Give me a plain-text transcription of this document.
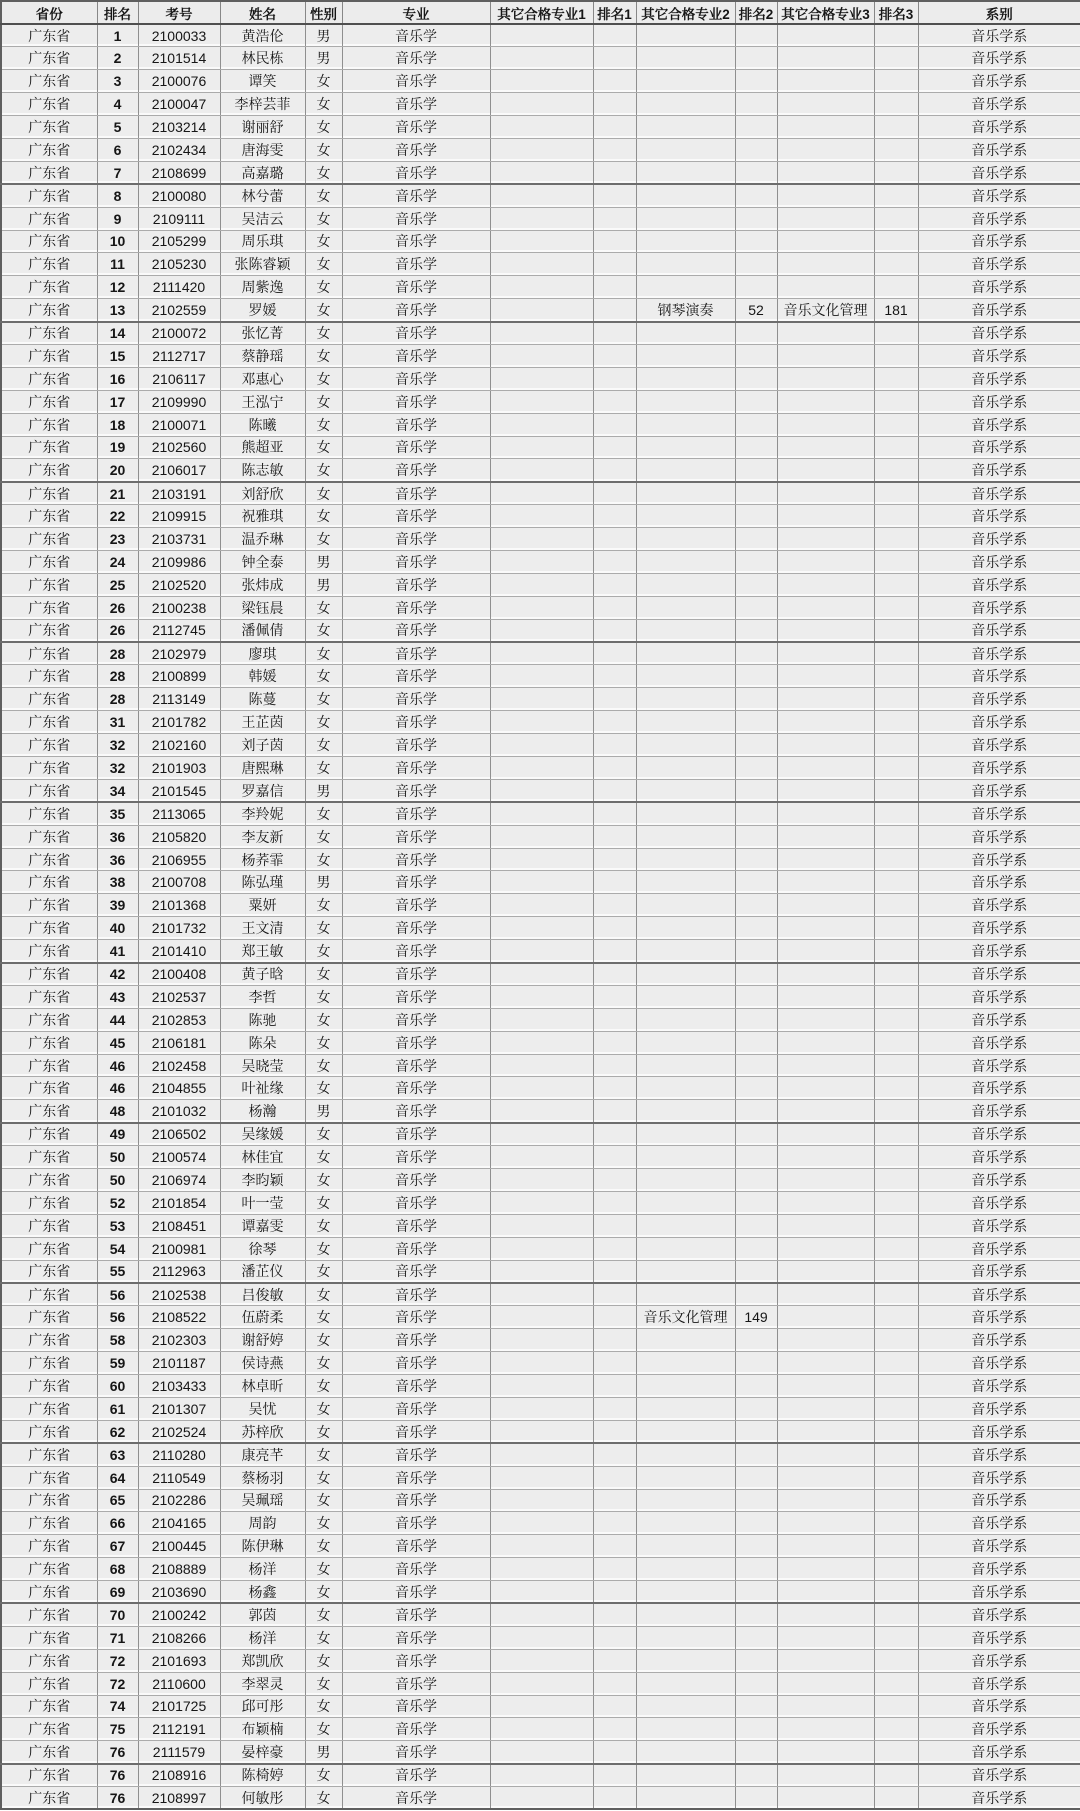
省份	排名	考号	姓名	性别	专业	其它合格专业1	排名1	其它合格专业2	排名2	其它合格专业3	排名3	系别
广东省	1	2100033	黄浩伦	男	音乐学							音乐学系
广东省	2	2101514	林民栋	男	音乐学							音乐学系
广东省	3	2100076	谭笑	女	音乐学							音乐学系
广东省	4	2100047	李梓芸菲	女	音乐学							音乐学系
广东省	5	2103214	谢丽舒	女	音乐学							音乐学系
广东省	6	2102434	唐海雯	女	音乐学							音乐学系
广东省	7	2108699	高嘉璐	女	音乐学							音乐学系
广东省	8	2100080	林兮蕾	女	音乐学							音乐学系
广东省	9	2109111	吴洁云	女	音乐学							音乐学系
广东省	10	2105299	周乐琪	女	音乐学							音乐学系
广东省	11	2105230	张陈睿颖	女	音乐学							音乐学系
广东省	12	2111420	周紫逸	女	音乐学							音乐学系
广东省	13	2102559	罗媛	女	音乐学			钢琴演奏	52	音乐文化管理	181	音乐学系
广东省	14	2100072	张忆菁	女	音乐学							音乐学系
广东省	15	2112717	蔡静瑶	女	音乐学							音乐学系
广东省	16	2106117	邓惠心	女	音乐学							音乐学系
广东省	17	2109990	王泓宁	女	音乐学							音乐学系
广东省	18	2100071	陈曦	女	音乐学							音乐学系
广东省	19	2102560	熊超亚	女	音乐学							音乐学系
广东省	20	2106017	陈志敏	女	音乐学							音乐学系
广东省	21	2103191	刘舒欣	女	音乐学							音乐学系
广东省	22	2109915	祝雅琪	女	音乐学							音乐学系
广东省	23	2103731	温乔琳	女	音乐学							音乐学系
广东省	24	2109986	钟全泰	男	音乐学							音乐学系
广东省	25	2102520	张炜成	男	音乐学							音乐学系
广东省	26	2100238	梁钰晨	女	音乐学							音乐学系
广东省	26	2112745	潘佩倩	女	音乐学							音乐学系
广东省	28	2102979	廖琪	女	音乐学							音乐学系
广东省	28	2100899	韩媛	女	音乐学							音乐学系
广东省	28	2113149	陈蔓	女	音乐学							音乐学系
广东省	31	2101782	王芷茵	女	音乐学							音乐学系
广东省	32	2102160	刘子茵	女	音乐学							音乐学系
广东省	32	2101903	唐熙琳	女	音乐学							音乐学系
广东省	34	2101545	罗嘉信	男	音乐学							音乐学系
广东省	35	2113065	李羚妮	女	音乐学							音乐学系
广东省	36	2105820	李友新	女	音乐学							音乐学系
广东省	36	2106955	杨荞霏	女	音乐学							音乐学系
广东省	38	2100708	陈弘瑾	男	音乐学							音乐学系
广东省	39	2101368	粟妍	女	音乐学							音乐学系
广东省	40	2101732	王文清	女	音乐学							音乐学系
广东省	41	2101410	郑王敏	女	音乐学							音乐学系
广东省	42	2100408	黄子晗	女	音乐学							音乐学系
广东省	43	2102537	李哲	女	音乐学							音乐学系
广东省	44	2102853	陈驰	女	音乐学							音乐学系
广东省	45	2106181	陈朵	女	音乐学							音乐学系
广东省	46	2102458	吴晓莹	女	音乐学							音乐学系
广东省	46	2104855	叶祉缘	女	音乐学							音乐学系
广东省	48	2101032	杨瀚	男	音乐学							音乐学系
广东省	49	2106502	吴缘媛	女	音乐学							音乐学系
广东省	50	2100574	林佳宜	女	音乐学							音乐学系
广东省	50	2106974	李昀颖	女	音乐学							音乐学系
广东省	52	2101854	叶一莹	女	音乐学							音乐学系
广东省	53	2108451	谭嘉雯	女	音乐学							音乐学系
广东省	54	2100981	徐琴	女	音乐学							音乐学系
广东省	55	2112963	潘芷仪	女	音乐学							音乐学系
广东省	56	2102538	吕俊敏	女	音乐学							音乐学系
广东省	56	2108522	伍蔚柔	女	音乐学			音乐文化管理	149			音乐学系
广东省	58	2102303	谢舒婷	女	音乐学							音乐学系
广东省	59	2101187	侯诗燕	女	音乐学							音乐学系
广东省	60	2103433	林卓昕	女	音乐学							音乐学系
广东省	61	2101307	吴忧	女	音乐学							音乐学系
广东省	62	2102524	苏梓欣	女	音乐学							音乐学系
广东省	63	2110280	康亮芊	女	音乐学							音乐学系
广东省	64	2110549	蔡杨羽	女	音乐学							音乐学系
广东省	65	2102286	吴珮瑶	女	音乐学							音乐学系
广东省	66	2104165	周韵	女	音乐学							音乐学系
广东省	67	2100445	陈伊琳	女	音乐学							音乐学系
广东省	68	2108889	杨洋	女	音乐学							音乐学系
广东省	69	2103690	杨鑫	女	音乐学							音乐学系
广东省	70	2100242	郭茵	女	音乐学							音乐学系
广东省	71	2108266	杨洋	女	音乐学							音乐学系
广东省	72	2101693	郑凯欣	女	音乐学							音乐学系
广东省	72	2110600	李翠灵	女	音乐学							音乐学系
广东省	74	2101725	邱可彤	女	音乐学							音乐学系
广东省	75	2112191	布颖楠	女	音乐学							音乐学系
广东省	76	2111579	晏梓豪	男	音乐学							音乐学系
广东省	76	2108916	陈椅婷	女	音乐学							音乐学系
广东省	76	2108997	何敏彤	女	音乐学							音乐学系
